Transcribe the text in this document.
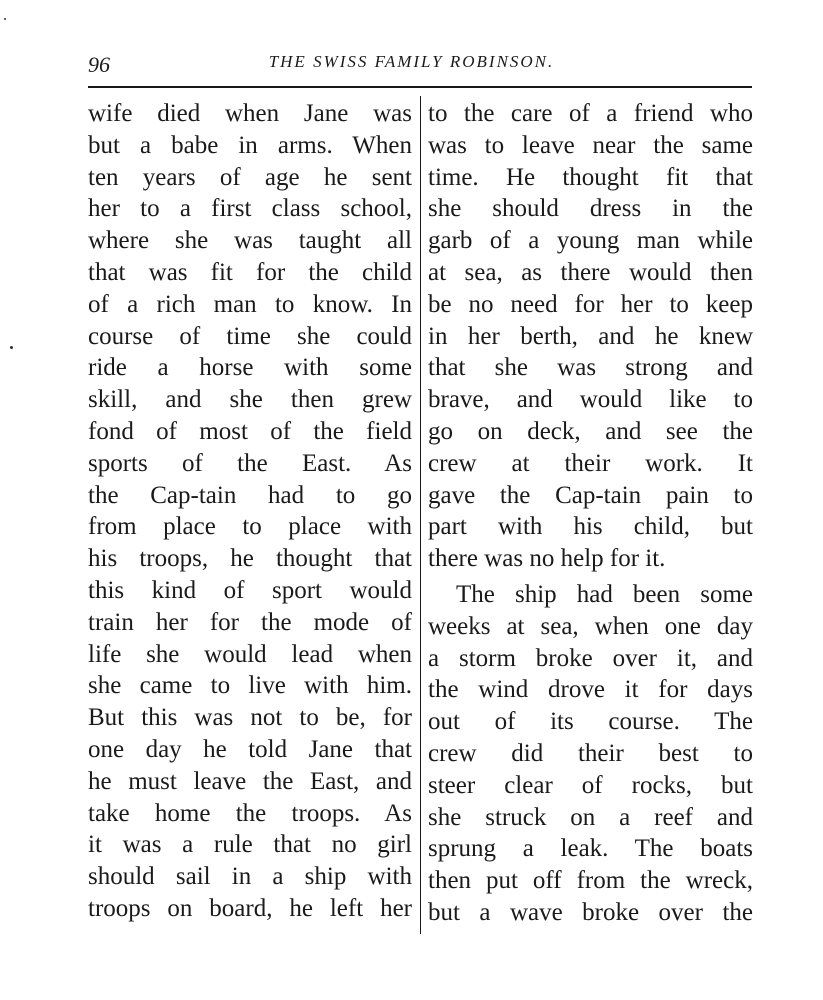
96	THE SWISS FAMILY ROBINSON.
wife died when Jane was
but a babe in arms. When
ten years of age he sent
her to a first class school,
where she was taught all
that was fit for the child
of a rich man to know. In
course of time she could
ride a horse with some
skill, and she then grew
fond of most of the field
sports of the East. As
the Cap-tain had to go
from place to place with
his troops, he thought that
this kind of sport would
train her for the mode of
life she would lead when
she came to live with him.
But this was not to be, for
one day he told Jane that
he must leave the East, and
take home the troops. As
it was a rule that no girl
should sail in a ship with
troops on board, he left her
to the care of a friend who
was to leave near the same
time. He thought fit that
she should dress in the
garb of a young man while
at sea, as there would then
be no need for her to keep
in her berth, and he knew
that she was strong and
brave, and would like to
go on deck, and see the
crew at their work. It
gave the Cap-tain pain to
part with his child, but
there was no help for it.
The ship had been some
weeks at sea, when one day
a storm broke over it, and
the wind drove it for days
out of its course. The
crew did their best to
steer clear of rocks, but
she struck on a reef and
sprung a leak. The boats
then put off from the wreck,
but a wave broke over the
